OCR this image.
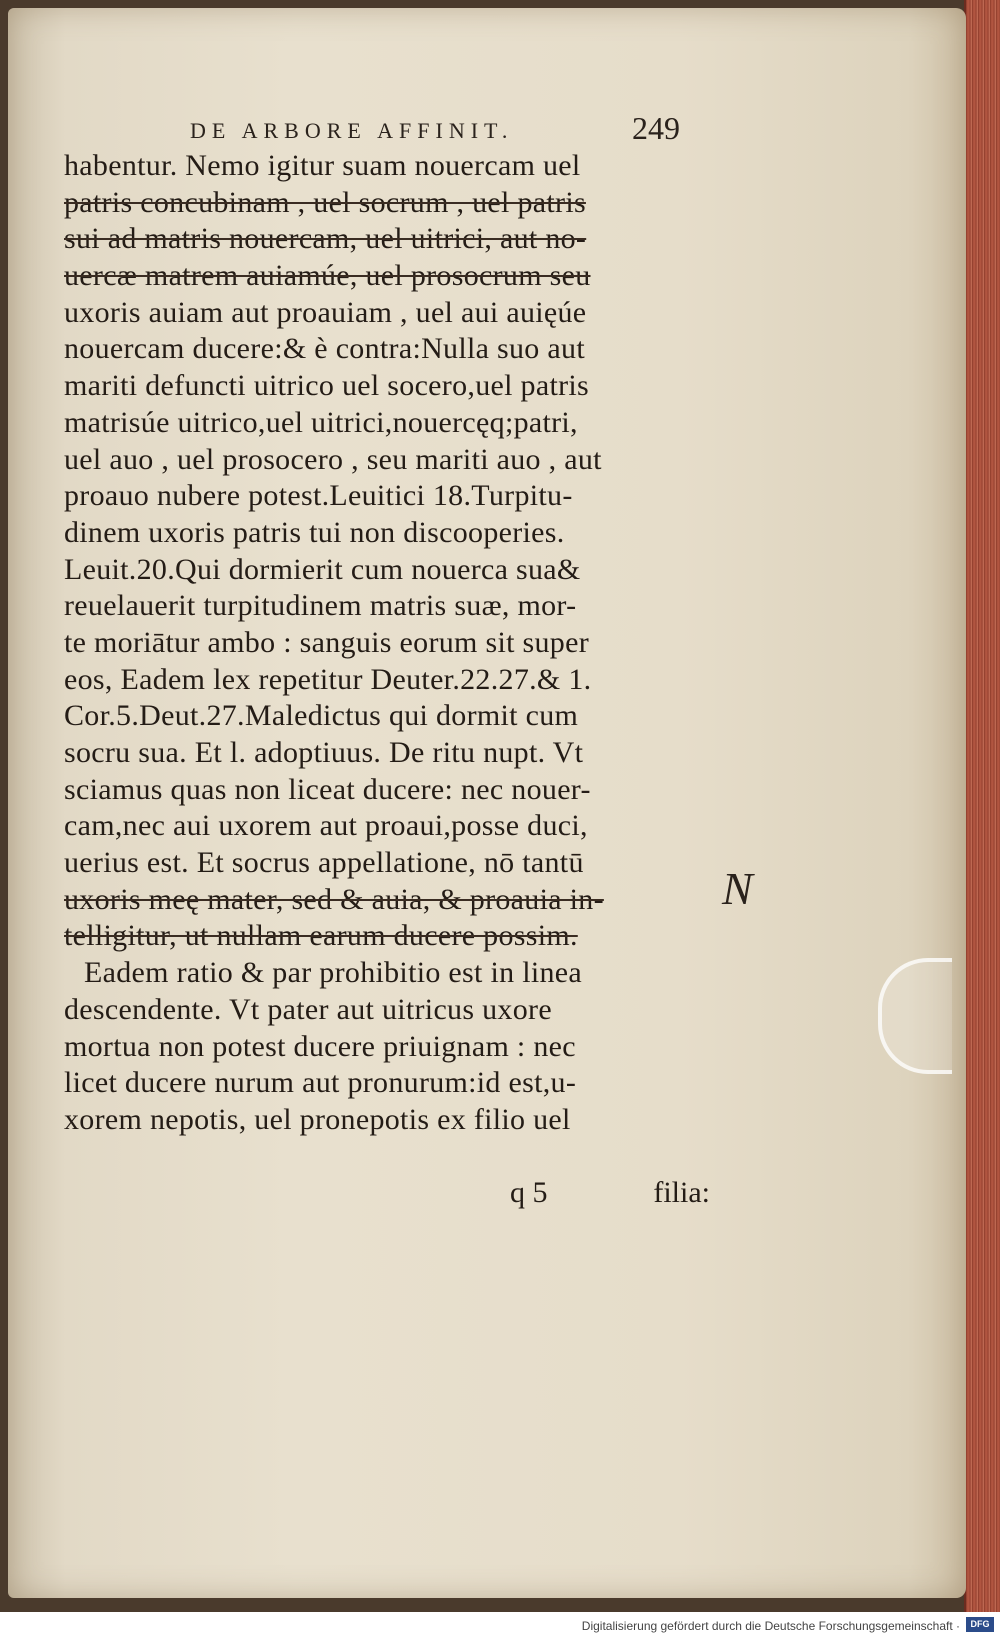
DE ARBORE AFFINIT.	249
habentur. Nemo igitur suam nouercam uel
patris concubinam , uel socrum , uel patris
sui ad matris nouercam, uel uitrici, aut no-
uercæ matrem auiamúe, uel prosocrum seu
uxoris auiam aut proauiam , uel aui auięúe
nouercam ducere:& è contra:Nulla suo aut
mariti defuncti uitrico uel socero,uel patris
matrisúe uitrico,uel uitrici,nouercęq;patri,
uel auo , uel prosocero , seu mariti auo , aut
proauo nubere potest.Leuitici 18.Turpitu-
dinem uxoris patris tui non discooperies.
Leuit.20.Qui dormierit cum nouerca sua&
reuelauerit turpitudinem matris suæ, mor-
te moriātur ambo : sanguis eorum sit super
eos, Eadem lex repetitur Deuter.22.27.& 1.
Cor.5.Deut.27.Maledictus qui dormit cum
socru sua. Et l. adoptiuus. De ritu nupt. Vt
sciamus quas non liceat ducere: nec nouer-
cam,nec aui uxorem aut proaui,posse duci,
uerius est. Et socrus appellatione, nō tantū
uxoris meę mater, sed & auia, & proauia in-
telligitur, ut nullam earum ducere possim.
Eadem ratio & par prohibitio est in linea
descendente. Vt pater aut uitricus uxore
mortua non potest ducere priuignam : nec
licet ducere nurum aut pronurum:id est,u-
xorem nepotis, uel pronepotis ex filio uel
q 5	filia:
N
Digitalisierung gefördert durch die Deutsche Forschungsgemeinschaft ·	DFG
